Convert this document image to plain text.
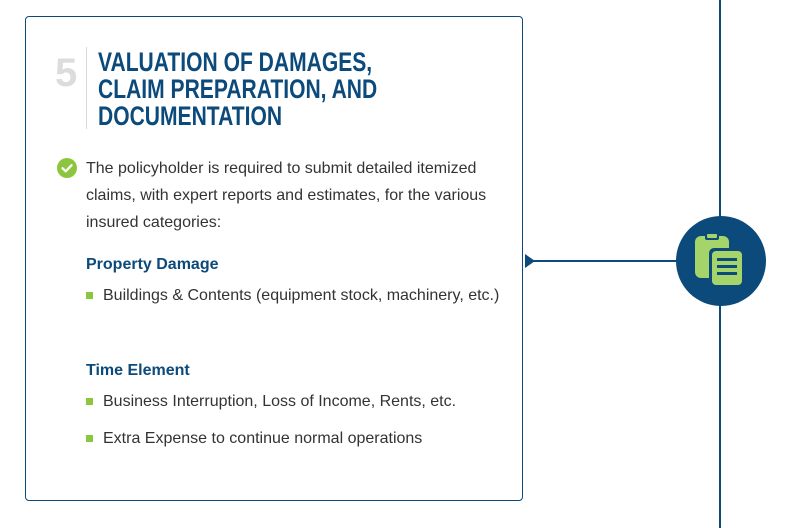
5 VALUATION OF DAMAGES, CLAIM PREPARATION, AND DOCUMENTATION
The policyholder is required to submit detailed itemized claims, with expert reports and estimates, for the various insured categories:
Property Damage
Buildings & Contents (equipment stock, machinery, etc.)
Time Element
Business Interruption, Loss of Income, Rents, etc.
Extra Expense to continue normal operations
